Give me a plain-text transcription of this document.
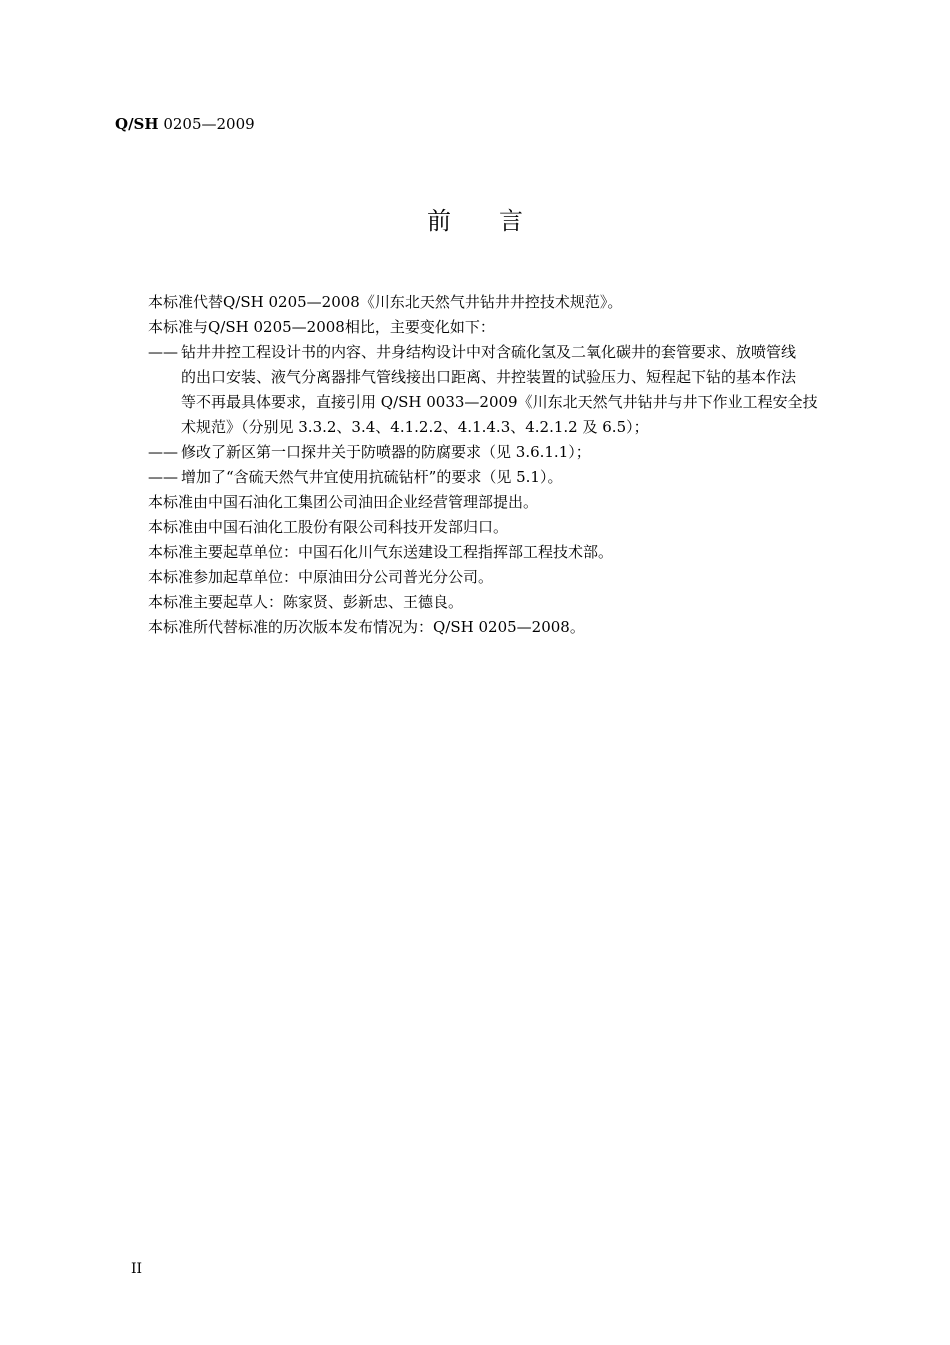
Q/SH 0205—2009
前 言
本标准代替Q/SH 0205—2008《川东北天然气井钻井井控技术规范》。
本标准与Q/SH 0205—2008相比，主要变化如下：
—— 钻井井控工程设计书的内容、井身结构设计中对含硫化氢及二氧化碳井的套管要求、放喷管线
的出口安装、液气分离器排气管线接出口距离、井控装置的试验压力、短程起下钻的基本作法
等不再最具体要求，直接引用 Q/SH 0033—2009《川东北天然气井钻井与井下作业工程安全技
术规范》（分别见 3.3.2、3.4、4.1.2.2、4.1.4.3、4.2.1.2 及 6.5）；
—— 修改了新区第一口探井关于防喷器的防腐要求（见 3.6.1.1）；
—— 增加了“含硫天然气井宜使用抗硫钻杆”的要求（见 5.1）。
本标准由中国石油化工集团公司油田企业经营管理部提出。
本标准由中国石油化工股份有限公司科技开发部归口。
本标准主要起草单位：中国石化川气东送建设工程指挥部工程技术部。
本标准参加起草单位：中原油田分公司普光分公司。
本标准主要起草人：陈家贤、彭新忠、王德良。
本标准所代替标准的历次版本发布情况为：Q/SH 0205—2008。
II
